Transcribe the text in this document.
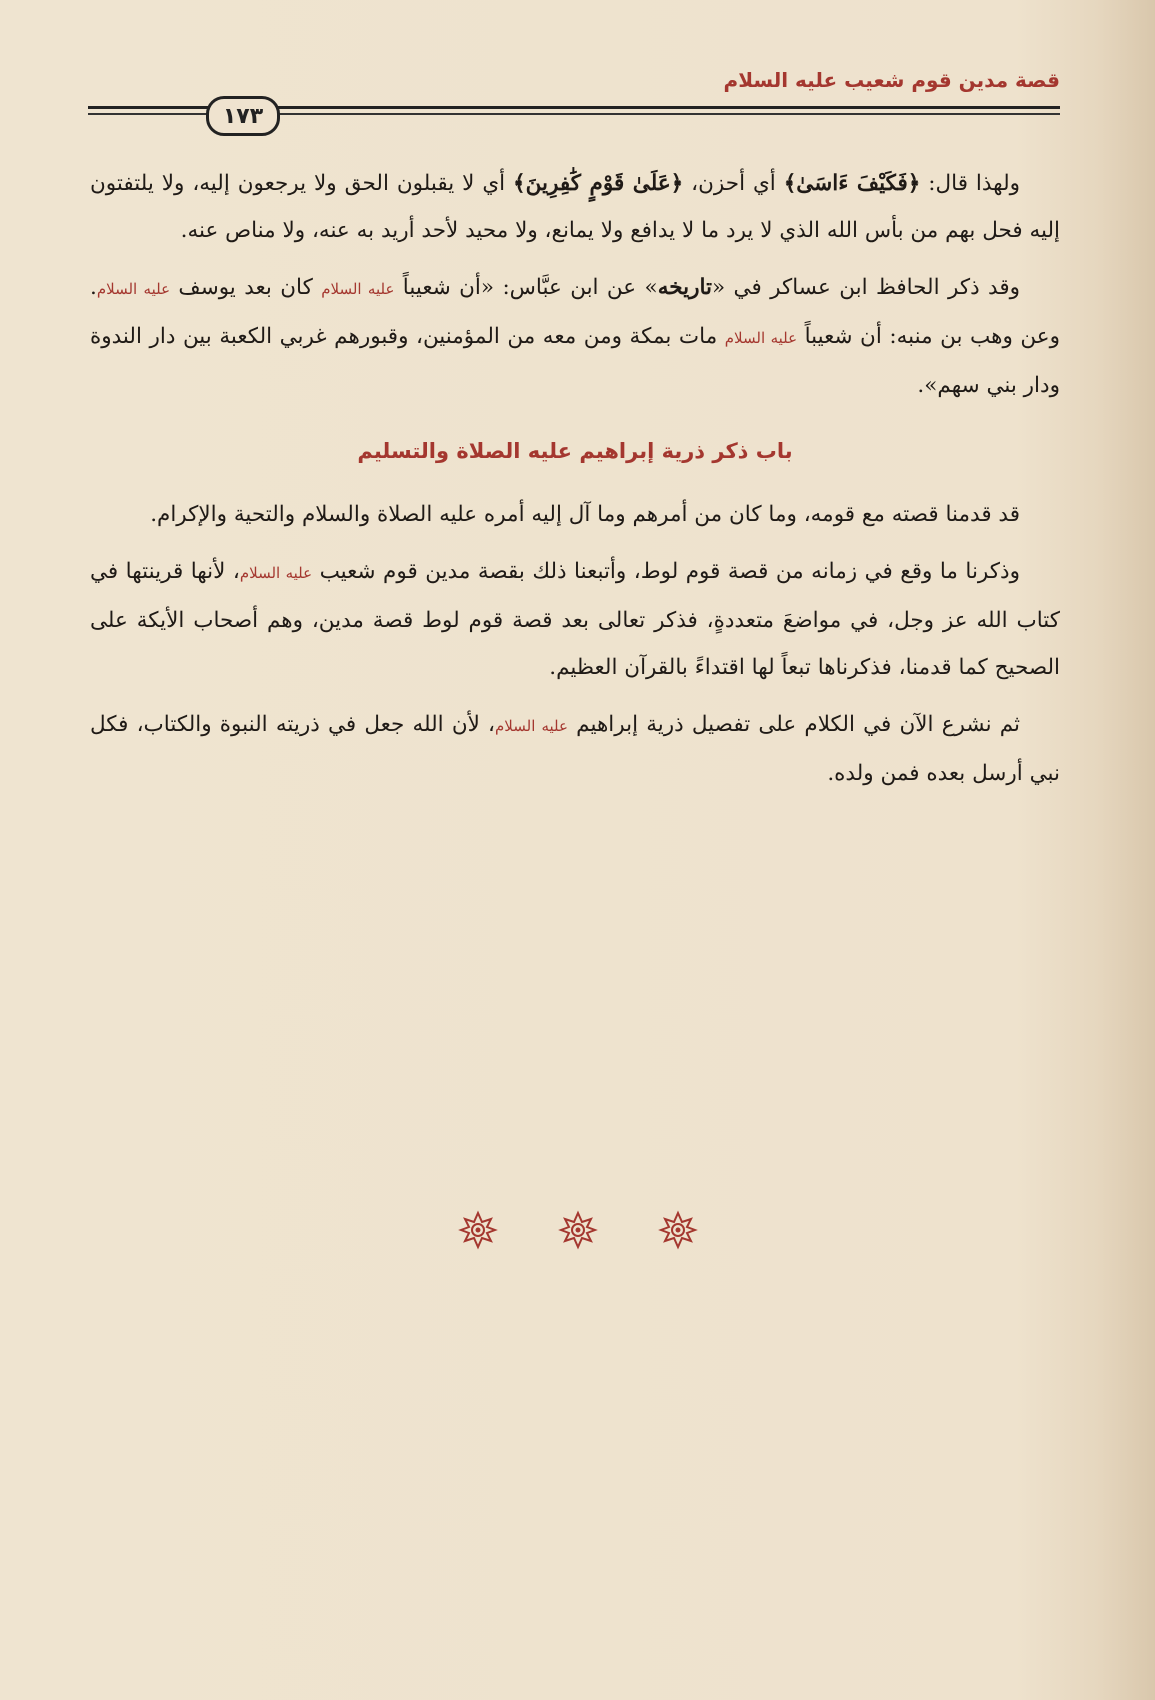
قصة مدين قوم شعيب عليه السلام
١٧٣

ولهذا قال: ﴿فَكَيْفَ ءَاسَىٰ﴾ أي أحزن، ﴿عَلَىٰ قَوْمٍ كَٰفِرِينَ﴾ أي لا يقبلون الحق ولا يرجعون إليه، ولا يلتفتون إليه فحل بهم من بأس الله الذي لا يرد ما لا يدافع ولا يمانع، ولا محيد لأحد أريد به عنه، ولا مناص عنه.

وقد ذكر الحافظ ابن عساكر في «تاريخه» عن ابن عبَّاس: «أن شعيباً عليه السلام كان بعد يوسف عليه السلام. وعن وهب بن منبه: أن شعيباً عليه السلام مات بمكة ومن معه من المؤمنين، وقبورهم غربي الكعبة بين دار الندوة ودار بني سهم».

باب ذكر ذرية إبراهيم عليه الصلاة والتسليم

قد قدمنا قصته مع قومه، وما كان من أمرهم وما آل إليه أمره عليه الصلاة والسلام والتحية والإكرام.

وذكرنا ما وقع في زمانه من قصة قوم لوط، وأتبعنا ذلك بقصة مدين قوم شعيب عليه السلام، لأنها قرينتها في كتاب الله عز وجل، في مواضعَ متعددةٍ، فذكر تعالى بعد قصة قوم لوط قصة مدين، وهم أصحاب الأيكة على الصحيح كما قدمنا، فذكرناها تبعاً لها اقتداءً بالقرآن العظيم.

ثم نشرع الآن في الكلام على تفصيل ذرية إبراهيم عليه السلام، لأن الله جعل في ذريته النبوة والكتاب، فكل نبي أرسل بعده فمن ولده.
